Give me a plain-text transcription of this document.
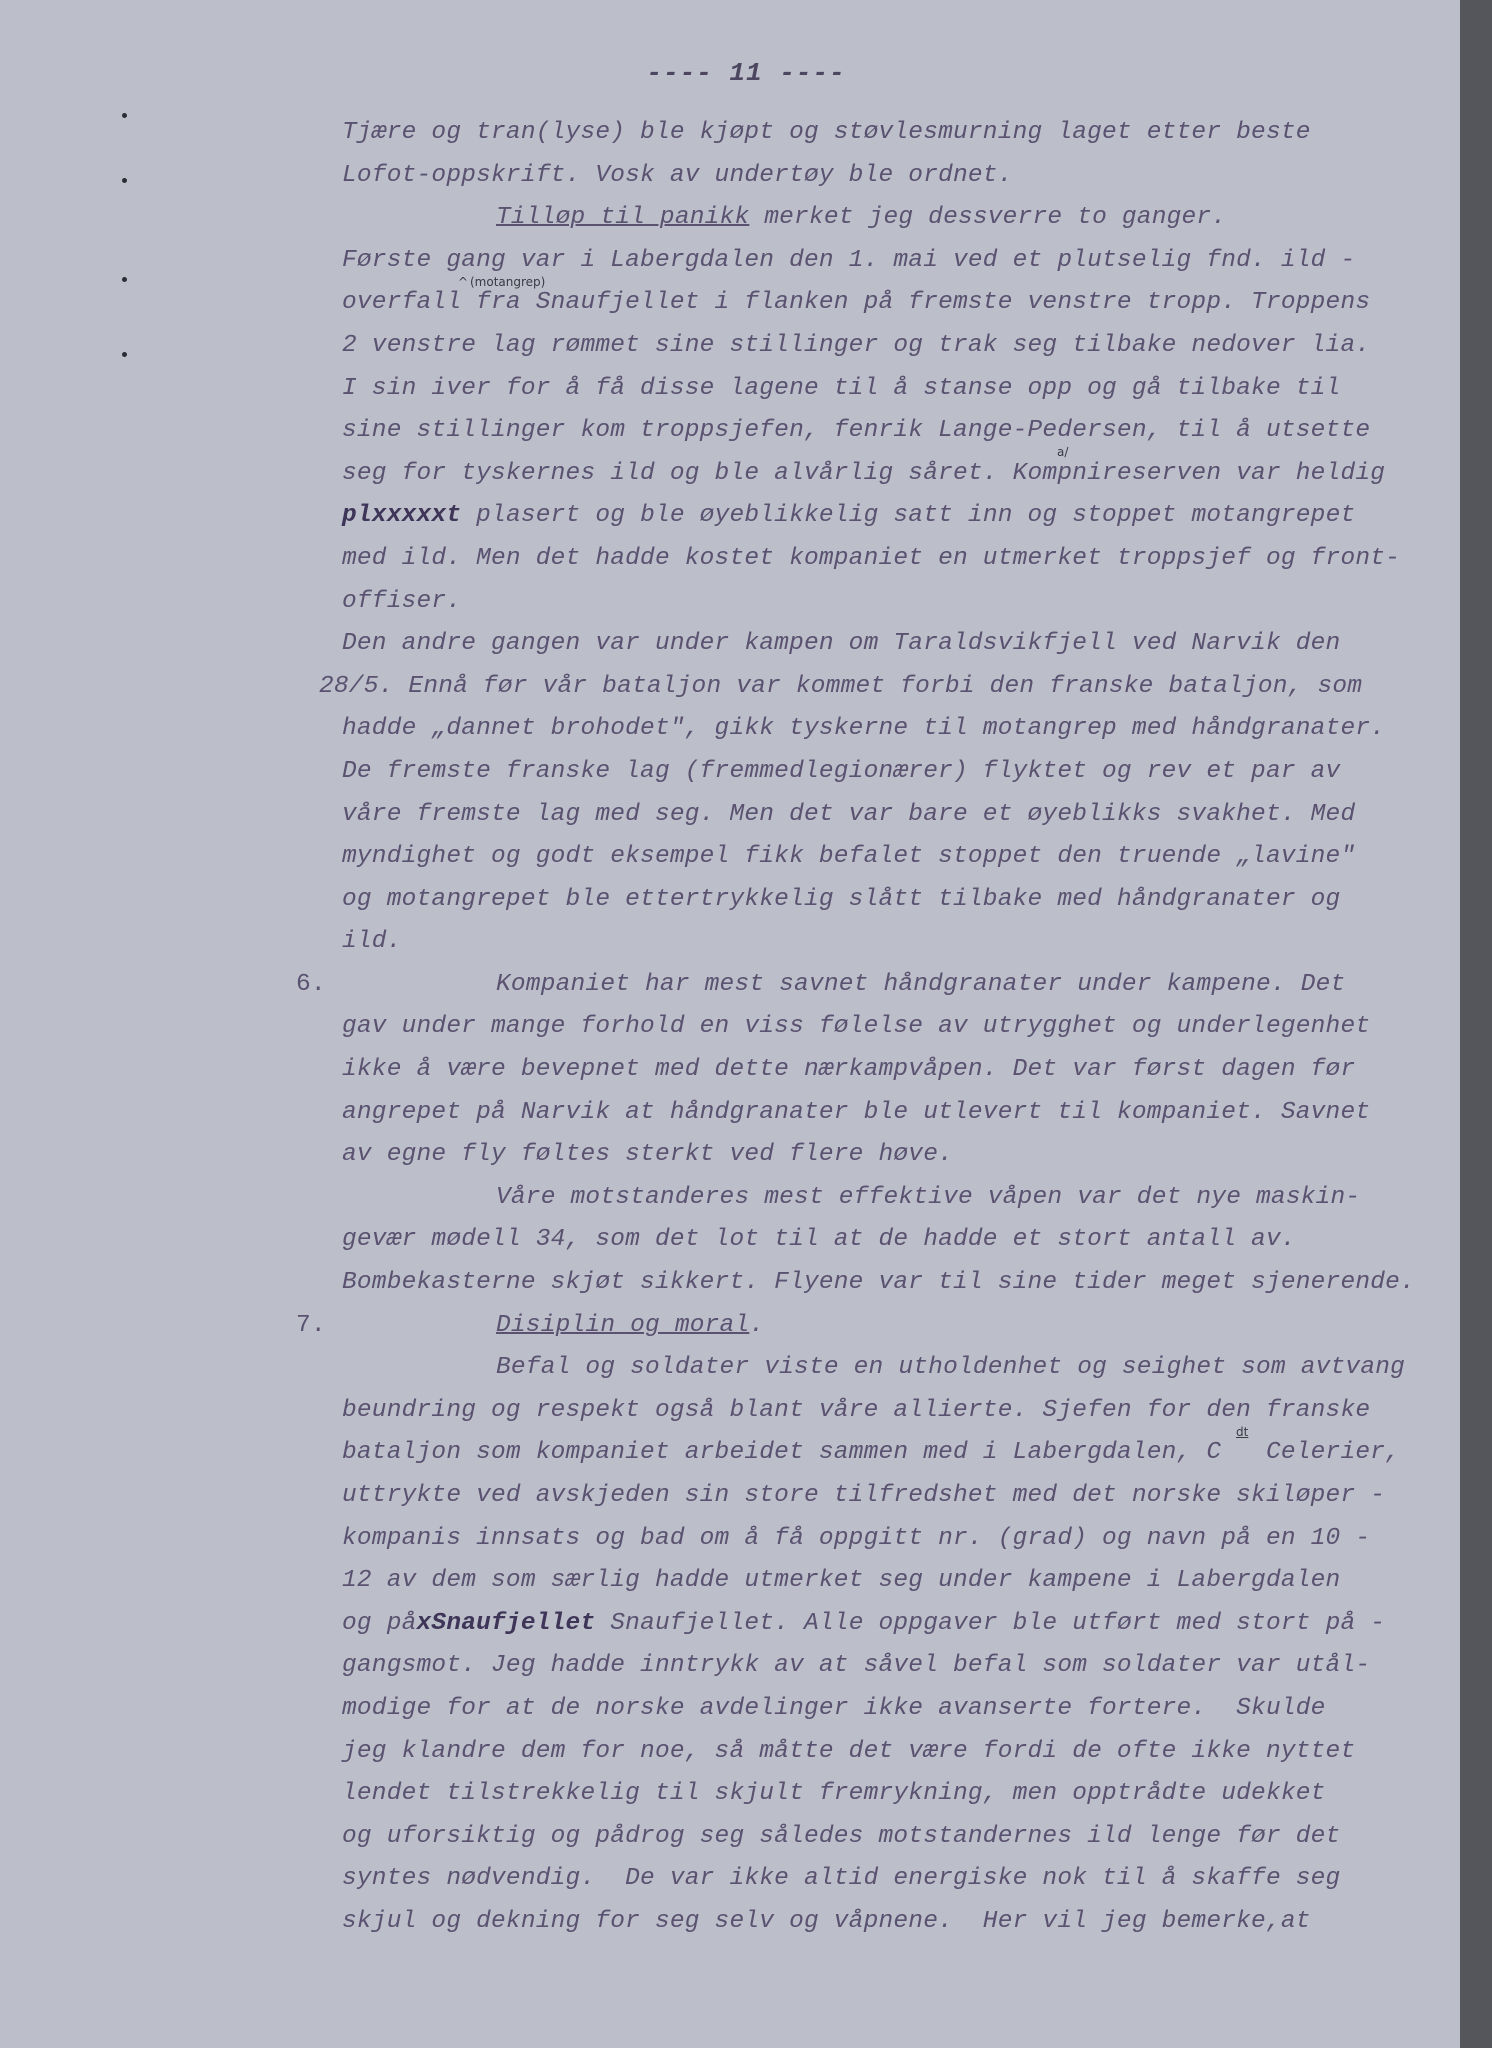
---- 11 ----
Tjære og tran(lyse) ble kjøpt og støvlesmurning laget etter beste
Lofot-oppskrift. Vosk av undertøy ble ordnet.
Tilløp til panikk merket jeg dessverre to ganger.
Første gang var i Labergdalen den 1. mai ved et plutselig fnd. ild -
overfall fra Snaufjellet i flanken på fremste venstre tropp. Troppens
2 venstre lag rømmet sine stillinger og trak seg tilbake nedover lia.
I sin iver for å få disse lagene til å stanse opp og gå tilbake til
sine stillinger kom troppsjefen, fenrik Lange-Pedersen, til å utsette
seg for tyskernes ild og ble alvårlig såret. Kompnireserven var heldig
plxxxxxt plasert og ble øyeblikkelig satt inn og stoppet motangrepet
med ild. Men det hadde kostet kompaniet en utmerket troppsjef og front-
offiser.
Den andre gangen var under kampen om Taraldsvikfjell ved Narvik den
28/5. Ennå før vår bataljon var kommet forbi den franske bataljon, som
hadde „dannet brohodet", gikk tyskerne til motangrep med håndgranater.
De fremste franske lag (fremmedlegionærer) flyktet og rev et par av
våre fremste lag med seg. Men det var bare et øyeblikks svakhet. Med
myndighet og godt eksempel fikk befalet stoppet den truende „lavine"
og motangrepet ble ettertrykkelig slått tilbake med håndgranater og
ild.
6.	Kompaniet har mest savnet håndgranater under kampene. Det
gav under mange forhold en viss følelse av utrygghet og underlegenhet
ikke å være bevepnet med dette nærkampvåpen. Det var først dagen før
angrepet på Narvik at håndgranater ble utlevert til kompaniet. Savnet
av egne fly føltes sterkt ved flere høve.
Våre motstanderes mest effektive våpen var det nye maskin-
gevær mødell 34, som det lot til at de hadde et stort antall av.
Bombekasterne skjøt sikkert. Flyene var til sine tider meget sjenerende.
7.	Disiplin og moral.
Befal og soldater viste en utholdenhet og seighet som avtvang
beundring og respekt også blant våre allierte. Sjefen for den franske
bataljon som kompaniet arbeidet sammen med i Labergdalen, C   Celerier,
uttrykte ved avskjeden sin store tilfredshet med det norske skiløper -
kompanis innsats og bad om å få oppgitt nr. (grad) og navn på en 10 -
12 av dem som særlig hadde utmerket seg under kampene i Labergdalen
og påxSnaufjellet Snaufjellet. Alle oppgaver ble utført med stort på -
gangsmot. Jeg hadde inntrykk av at såvel befal som soldater var utål-
modige for at de norske avdelinger ikke avanserte fortere.  Skulde
jeg klandre dem for noe, så måtte det være fordi de ofte ikke nyttet
lendet tilstrekkelig til skjult fremrykning, men opptrådte udekket
og uforsiktig og pådrog seg således motstandernes ild lenge før det
syntes nødvendig.  De var ikke altid energiske nok til å skaffe seg
skjul og dekning for seg selv og våpnene.  Her vil jeg bemerke,at
^ (motangrep)
a/
dt
